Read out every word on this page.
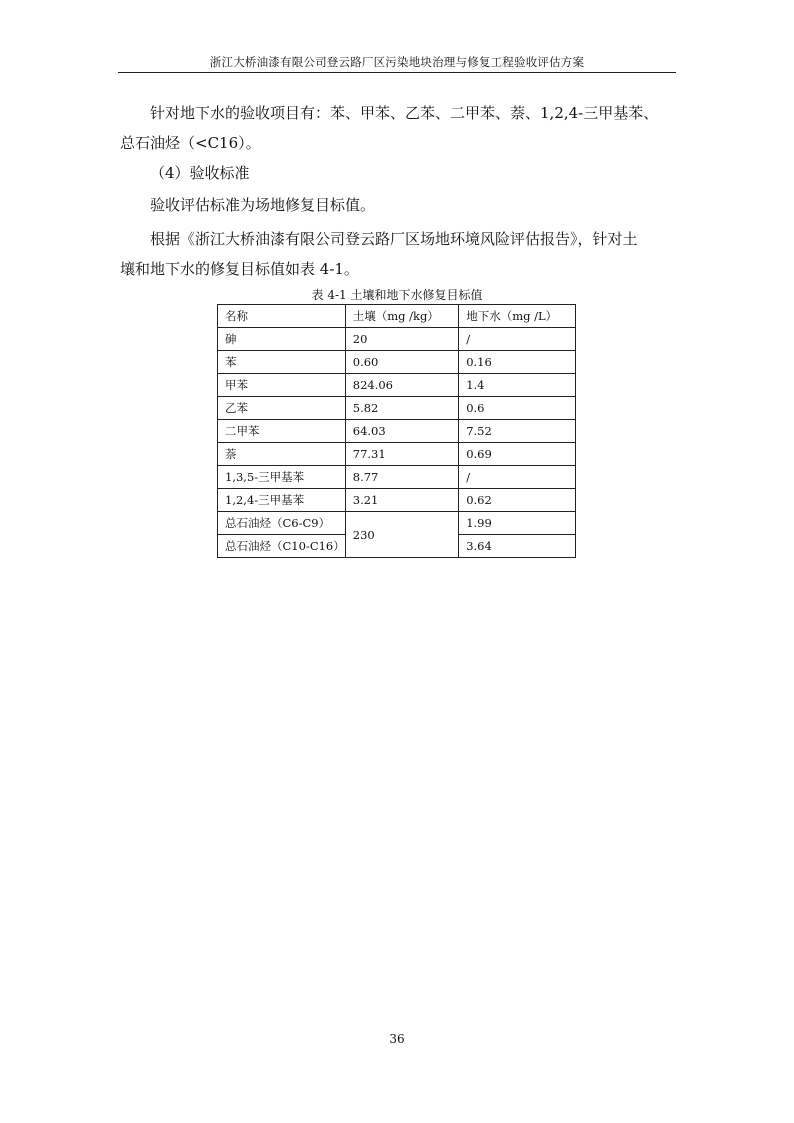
浙江大桥油漆有限公司登云路厂区污染地块治理与修复工程验收评估方案

针对地下水的验收项目有：苯、甲苯、乙苯、二甲苯、萘、1,2,4-三甲基苯、

总石油烃（<C16）。

（4）验收标准

验收评估标准为场地修复目标值。

根据《浙江大桥油漆有限公司登云路厂区场地环境风险评估报告》，针对土

壤和地下水的修复目标值如表 4-1。

表 4-1 土壤和地下水修复目标值
名称	土壤（mg /kg）	地下水（mg /L）
砷	20	/
苯	0.60	0.16
甲苯	824.06	1.4
乙苯	5.82	0.6
二甲苯	64.03	7.52
萘	77.31	0.69
1,3,5-三甲基苯	8.77	/
1,2,4-三甲基苯	3.21	0.62
总石油烃（C6-C9）	230	1.99
总石油烃（C10-C16）		3.64
36
